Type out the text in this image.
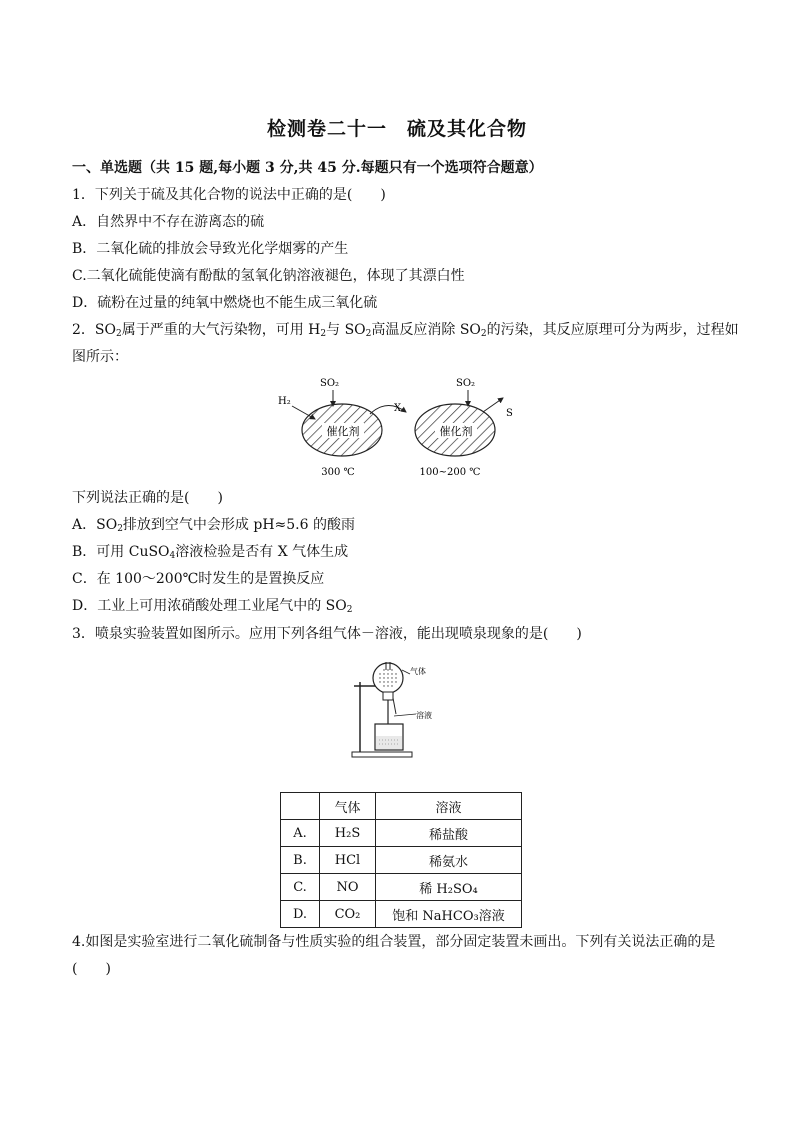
检测卷二十一　硫及其化合物
一、单选题（共 15 题,每小题 3 分,共 45 分.每题只有一个选项符合题意）
1．下列关于硫及其化合物的说法中正确的是(　　)
A．自然界中不存在游离态的硫
B．二氧化硫的排放会导致光化学烟雾的产生
C.二氧化硫能使滴有酚酞的氢氧化钠溶液褪色，体现了其漂白性
D．硫粉在过量的纯氧中燃烧也不能生成三氧化硫
2．$SO_2$属于严重的大气污染物，可用 $H_2$与 $SO_2$高温反应消除 $SO_2$的污染，其反应原理可分为两步，过程如
图所示：
催化剂	催化剂
H₂
SO₂
X
SO₂
S
300 ℃	100~200 ℃
下列说法正确的是(　　)
A．$SO_2$排放到空气中会形成 pH≈5.6 的酸雨
B．可用 CuSO$_4$溶液检验是否有 X 气体生成
C．在 100～200℃时发生的是置换反应
D．工业上可用浓硝酸处理工业尾气中的 $SO_2$
3．喷泉实验装置如图所示。应用下列各组气体－溶液，能出现喷泉现象的是(　　)
气体
溶液
	气体	溶液
A.	H₂S	稀盐酸
B.	HCl	稀氨水
C.	NO	稀 H₂SO₄
D.	CO₂	饱和 NaHCO₃溶液
4.如图是实验室进行二氧化硫制备与性质实验的组合装置，部分固定装置未画出。下列有关说法正确的是
(　　)
